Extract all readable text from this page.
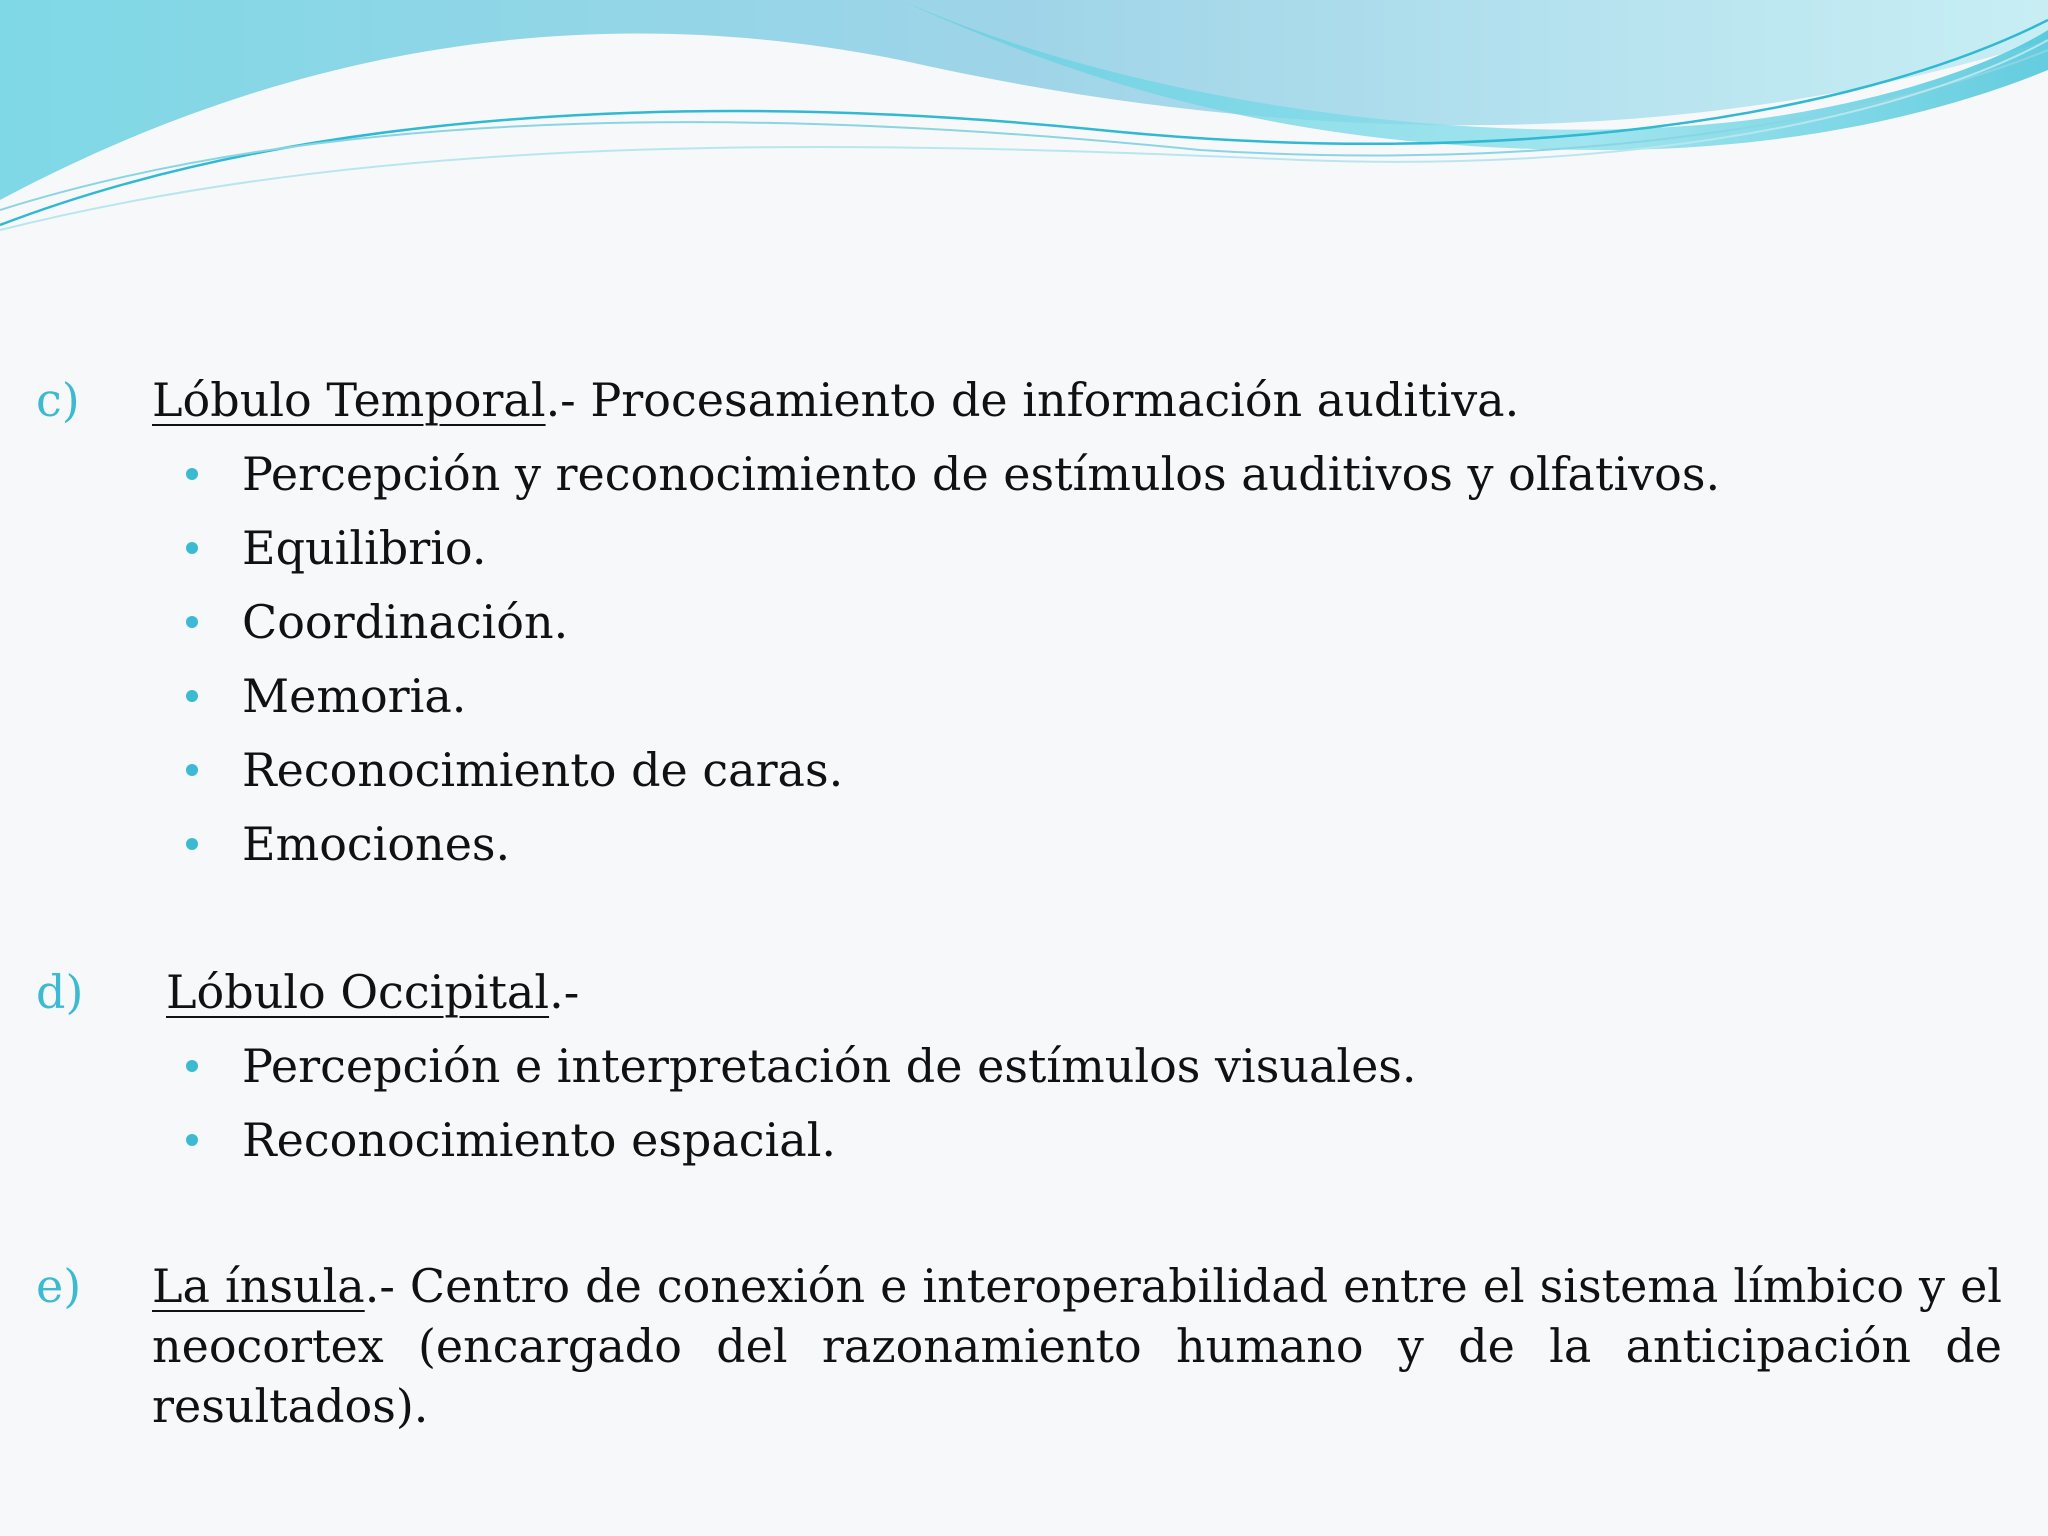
c) Lóbulo Temporal.- Procesamiento de información auditiva.
Percepción y reconocimiento de estímulos auditivos y olfativos.
Equilibrio.
Coordinación.
Memoria.
Reconocimiento de caras.
Emociones.
d) Lóbulo Occipital.-
Percepción e interpretación de estímulos visuales.
Reconocimiento espacial.
e) La ínsula.- Centro de conexión e interoperabilidad entre el sistema límbico y el
neocortex (encargado del razonamiento humano y de la anticipación de resultados).
